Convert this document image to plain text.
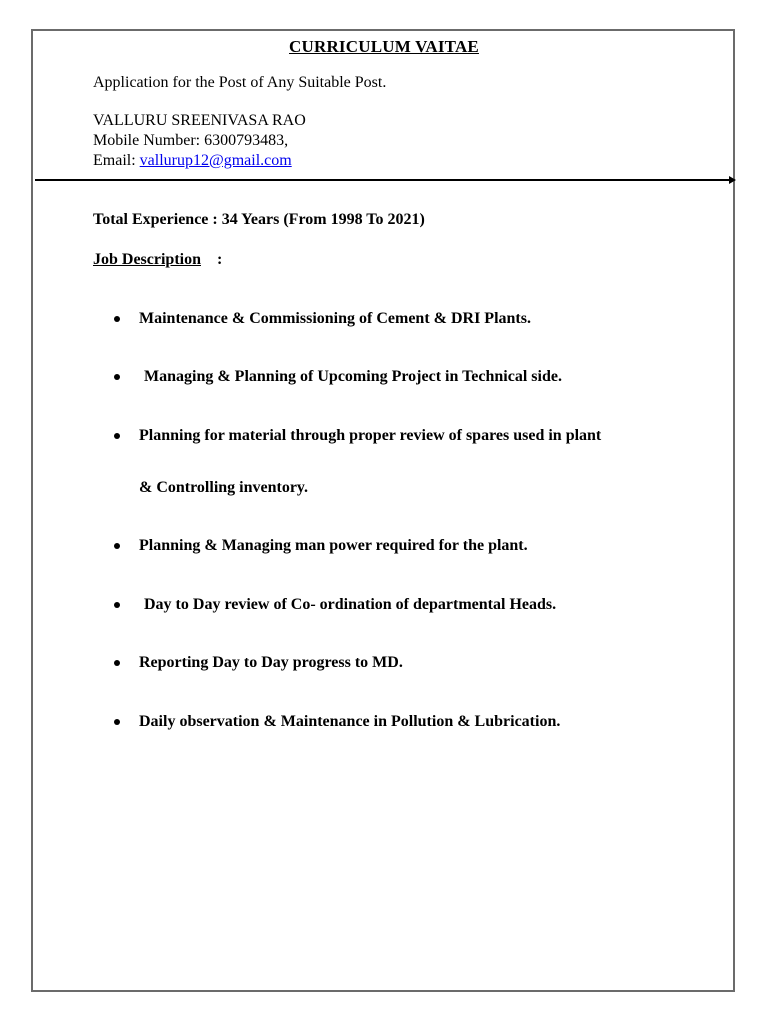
CURRICULUM VAITAE
Application for the Post of Any Suitable Post.
VALLURU SREENIVASA RAO
Mobile Number: 6300793483,
Email: vallurup12@gmail.com
Total Experience : 34 Years (From 1998 To 2021)
Job Description :
Maintenance & Commissioning of Cement & DRI Plants.
Managing & Planning of Upcoming Project in Technical side.
Planning for material through proper review of spares used in plant
& Controlling inventory.
Planning & Managing man power required for the plant.
Day to Day review of Co- ordination of departmental Heads.
Reporting Day to Day progress to MD.
Daily observation & Maintenance in Pollution & Lubrication.
